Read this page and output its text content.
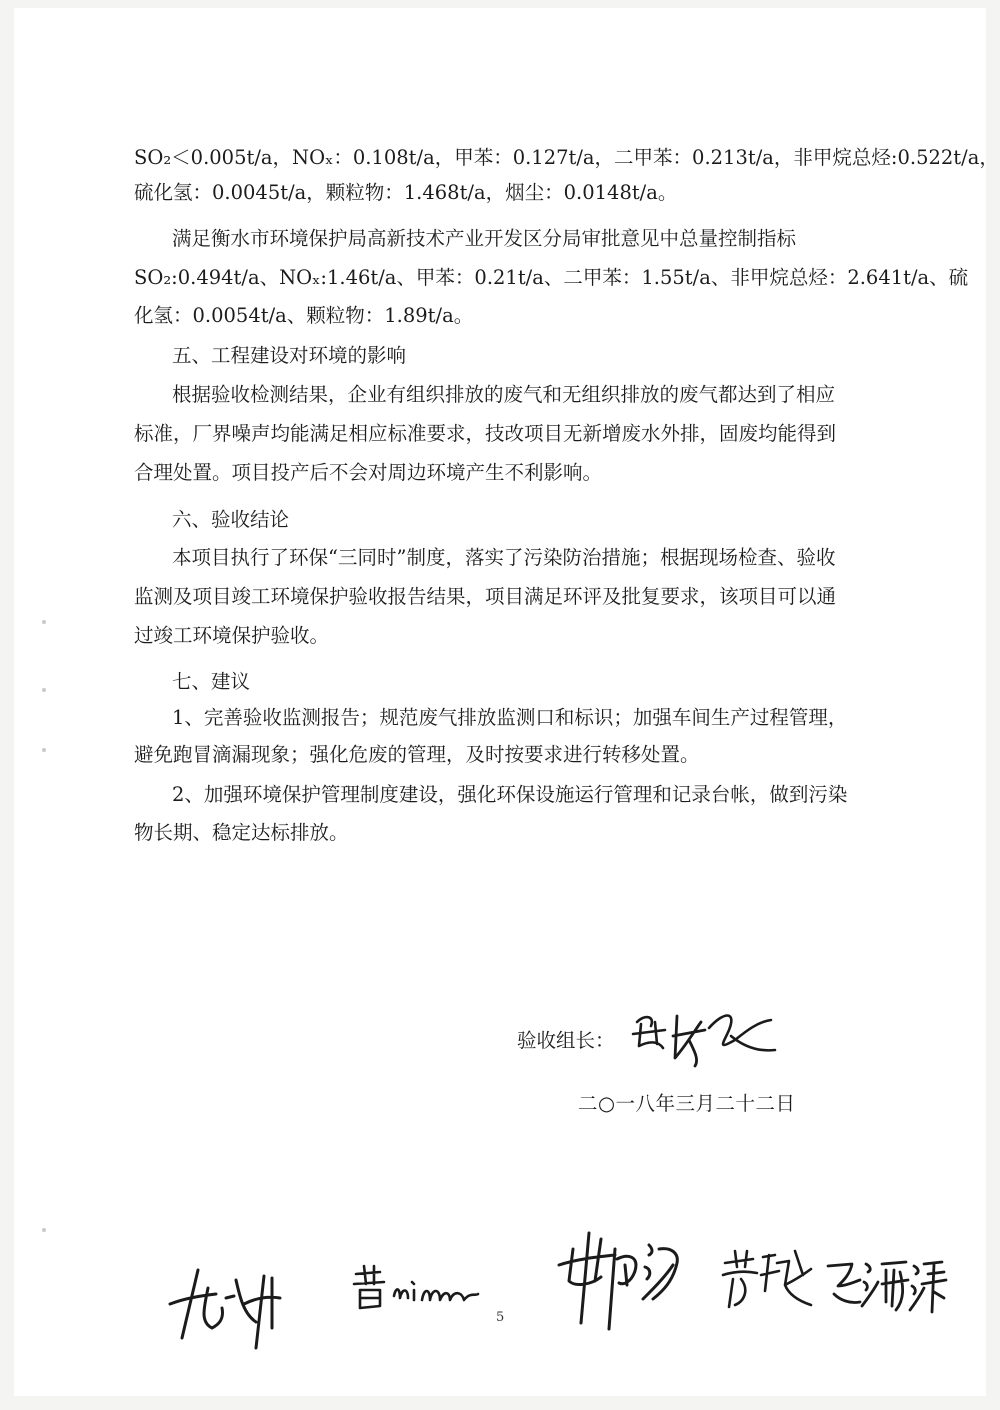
SO₂＜0.005t/a，NOₓ：0.108t/a，甲苯：0.127t/a，二甲苯：0.213t/a，非甲烷总烃:0.522t/a，
硫化氢：0.0045t/a，颗粒物：1.468t/a，烟尘：0.0148t/a。
满足衡水市环境保护局高新技术产业开发区分局审批意见中总量控制指标
SO₂:0.494t/a、NOₓ:1.46t/a、甲苯：0.21t/a、二甲苯：1.55t/a、非甲烷总烃：2.641t/a、硫
化氢：0.0054t/a、颗粒物：1.89t/a。
五、工程建设对环境的影响
根据验收检测结果，企业有组织排放的废气和无组织排放的废气都达到了相应
标准，厂界噪声均能满足相应标准要求，技改项目无新增废水外排，固废均能得到
合理处置。项目投产后不会对周边环境产生不利影响。
六、验收结论
本项目执行了环保“三同时”制度，落实了污染防治措施；根据现场检查、验收
监测及项目竣工环境保护验收报告结果，项目满足环评及批复要求，该项目可以通
过竣工环境保护验收。
七、建议
1、完善验收监测报告；规范废气排放监测口和标识；加强车间生产过程管理，
避免跑冒滴漏现象；强化危废的管理，及时按要求进行转移处置。
2、加强环境保护管理制度建设，强化环保设施运行管理和记录台帐，做到污染
物长期、稳定达标排放。
验收组长：
二○一八年三月二十二日
5
